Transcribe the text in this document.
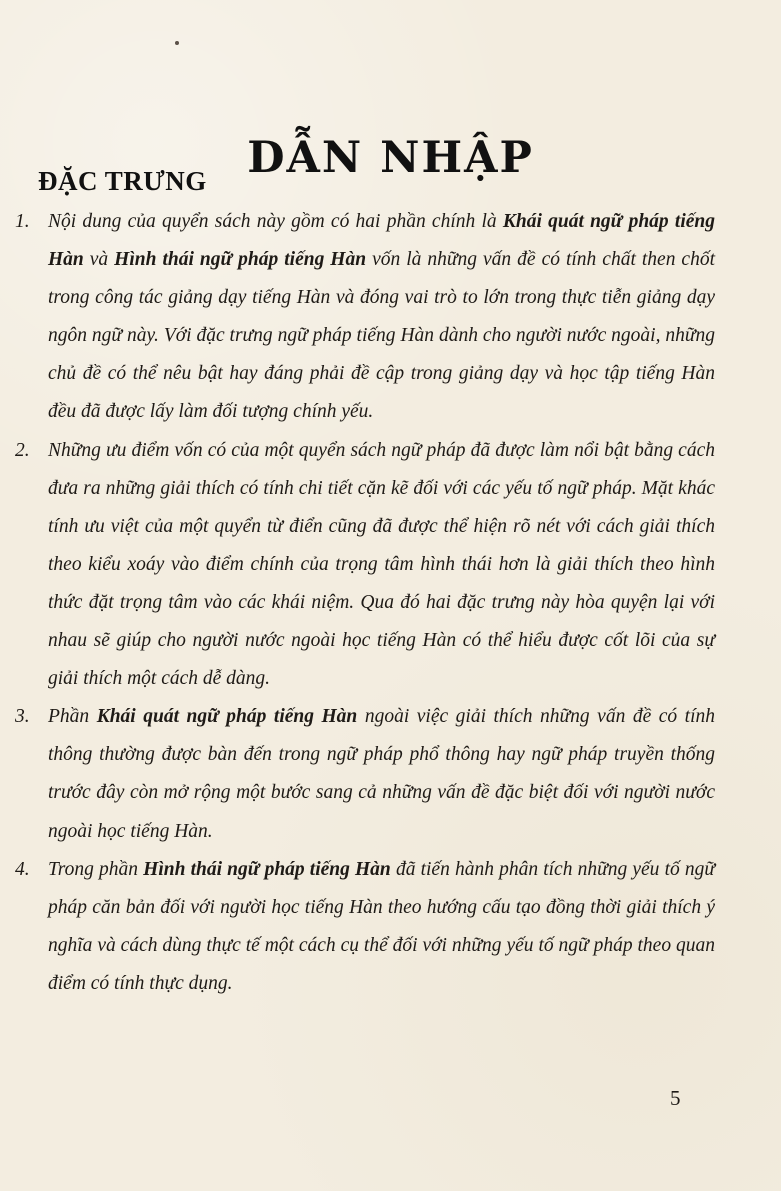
DẪN NHẬP
ĐẶC TRƯNG
1. Nội dung của quyển sách này gồm có hai phần chính là Khái quát ngữ pháp tiếng Hàn và Hình thái ngữ pháp tiếng Hàn vốn là những vấn đề có tính chất then chốt trong công tác giảng dạy tiếng Hàn và đóng vai trò to lớn trong thực tiễn giảng dạy ngôn ngữ này. Với đặc trưng ngữ pháp tiếng Hàn dành cho người nước ngoài, những chủ đề có thể nêu bật hay đáng phải đề cập trong giảng dạy và học tập tiếng Hàn đều đã được lấy làm đối tượng chính yếu.
2. Những ưu điểm vốn có của một quyển sách ngữ pháp đã được làm nổi bật bằng cách đưa ra những giải thích có tính chi tiết cặn kẽ đối với các yếu tố ngữ pháp. Mặt khác tính ưu việt của một quyển từ điển cũng đã được thể hiện rõ nét với cách giải thích theo kiểu xoáy vào điểm chính của trọng tâm hình thái hơn là giải thích theo hình thức đặt trọng tâm vào các khái niệm. Qua đó hai đặc trưng này hòa quyện lại với nhau sẽ giúp cho người nước ngoài học tiếng Hàn có thể hiểu được cốt lõi của sự giải thích một cách dễ dàng.
3. Phần Khái quát ngữ pháp tiếng Hàn ngoài việc giải thích những vấn đề có tính thông thường được bàn đến trong ngữ pháp phổ thông hay ngữ pháp truyền thống trước đây còn mở rộng một bước sang cả những vấn đề đặc biệt đối với người nước ngoài học tiếng Hàn.
4. Trong phần Hình thái ngữ pháp tiếng Hàn đã tiến hành phân tích những yếu tố ngữ pháp căn bản đối với người học tiếng Hàn theo hướng cấu tạo đồng thời giải thích ý nghĩa và cách dùng thực tế một cách cụ thể đối với những yếu tố ngữ pháp theo quan điểm có tính thực dụng.
5
